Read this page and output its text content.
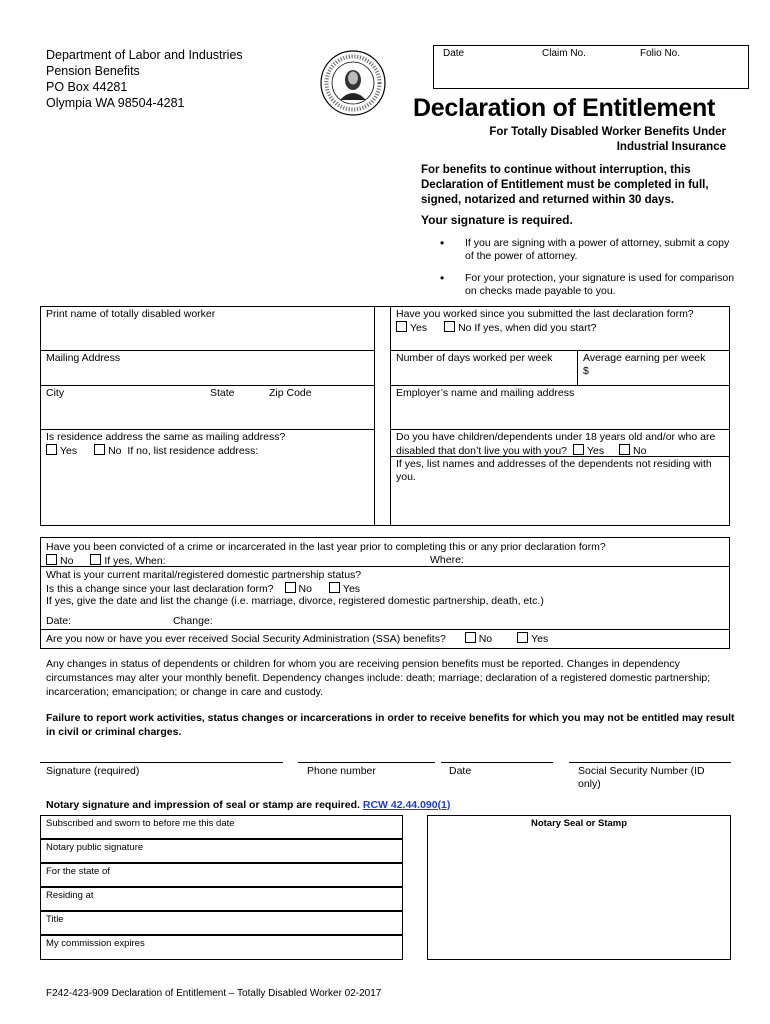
Department of Labor and Industries
Pension Benefits
PO Box 44281
Olympia WA 98504-4281
Date	Claim No.	Folio No.
Declaration of Entitlement
For Totally Disabled Worker Benefits Under
Industrial Insurance
For benefits to continue without interruption, this Declaration of Entitlement must be completed in full, signed, notarized and returned within 30 days.
Your signature is required.
•	If you are signing with a power of attorney, submit a copy of the power of attorney.
•	For your protection, your signature is used for comparison on checks made payable to you.
Print name of totally disabled worker
Mailing Address
City	State	Zip Code
Is residence address the same as mailing address?
Yes	No If no, list residence address:
Have you worked since you submitted the last declaration form?
Yes	No If yes, when did you start?
Number of days worked per week	Average earning per week
$
Employer’s name and mailing address
Do you have children/dependents under 18 years old and/or who are disabled that don’t live you with you? Yes	No
If yes, list names and addresses of the dependents not residing with you.
Have you been convicted of a crime or incarcerated in the last year prior to completing this or any prior declaration form?
No	If yes, When:	Where:
What is your current marital/registered domestic partnership status?
Is this a change since your last declaration form? No	Yes
If yes, give the date and list the change (i.e. marriage, divorce, registered domestic partnership, death, etc.)
Date:	Change:
Are you now or have you ever received Social Security Administration (SSA) benefits?	No	Yes
Any changes in status of dependents or children for whom you are receiving pension benefits must be reported. Changes in dependency circumstances may alter your monthly benefit. Dependency changes include: death; marriage; declaration of a registered domestic partnership; incarceration; emancipation; or change in care and custody.
Failure to report work activities, status changes or incarcerations in order to receive benefits for which you may not be entitled may result in civil or criminal charges.
Signature (required)	Phone number	Date	Social Security Number (ID only)
Notary signature and impression of seal or stamp are required. RCW 42.44.090(1)
Subscribed and sworn to before me this date
Notary public signature
For the state of
Residing at
Title
My commission expires
Notary Seal or Stamp
F242-423-909 Declaration of Entitlement – Totally Disabled Worker 02-2017
